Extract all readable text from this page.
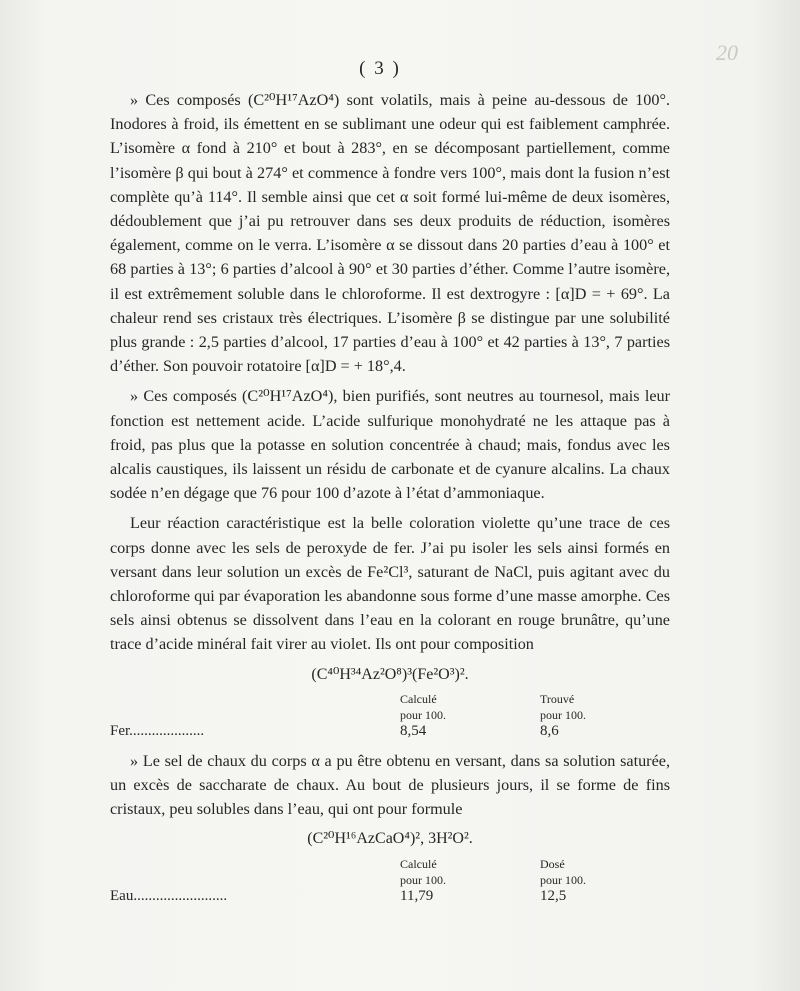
20
( 3 )

» Ces composés (C²⁰H¹⁷AzO⁴) sont volatils, mais à peine au-dessous de 100°. Inodores à froid, ils émettent en se sublimant une odeur qui est faiblement camphrée. L’isomère α fond à 210° et bout à 283°, en se décomposant partiellement, comme l’isomère β qui bout à 274° et commence à fondre vers 100°, mais dont la fusion n’est complète qu’à 114°. Il semble ainsi que cet α soit formé lui-même de deux isomères, dédoublement que j’ai pu retrouver dans ses deux produits de réduction, isomères également, comme on le verra. L’isomère α se dissout dans 20 parties d’eau à 100° et 68 parties à 13°; 6 parties d’alcool à 90° et 30 parties d’éther. Comme l’autre isomère, il est extrêmement soluble dans le chloroforme. Il est dextrogyre : [α]D = + 69°. La chaleur rend ses cristaux très électriques. L’isomère β se distingue par une solubilité plus grande : 2,5 parties d’alcool, 17 parties d’eau à 100° et 42 parties à 13°, 7 parties d’éther. Son pouvoir rotatoire [α]D = + 18°,4.

» Ces composés (C²⁰H¹⁷AzO⁴), bien purifiés, sont neutres au tournesol, mais leur fonction est nettement acide. L’acide sulfurique monohydraté ne les attaque pas à froid, pas plus que la potasse en solution concentrée à chaud; mais, fondus avec les alcalis caustiques, ils laissent un résidu de carbonate et de cyanure alcalins. La chaux sodée n’en dégage que 76 pour 100 d’azote à l’état d’ammoniaque.

Leur réaction caractéristique est la belle coloration violette qu’une trace de ces corps donne avec les sels de peroxyde de fer. J’ai pu isoler les sels ainsi formés en versant dans leur solution un excès de Fe²Cl³, saturant de NaCl, puis agitant avec du chloroforme qui par évaporation les abandonne sous forme d’une masse amorphe. Ces sels ainsi obtenus se dissolvent dans l’eau en la colorant en rouge brunâtre, qu’une trace d’acide minéral fait virer au violet. Ils ont pour composition

(C⁴⁰H³⁴Az²O⁸)³(Fe²O³)².
	Calculé	Trouvé
	pour 100.	pour 100.
Fer....................	8,54	8,6

» Le sel de chaux du corps α a pu être obtenu en versant, dans sa solution saturée, un excès de saccharate de chaux. Au bout de plusieurs jours, il se forme de fins cristaux, peu solubles dans l’eau, qui ont pour formule

(C²⁰H¹⁶AzCaO⁴)², 3H²O².
	Calculé	Dosé
	pour 100.	pour 100.
Eau.........................	11,79	12,5
